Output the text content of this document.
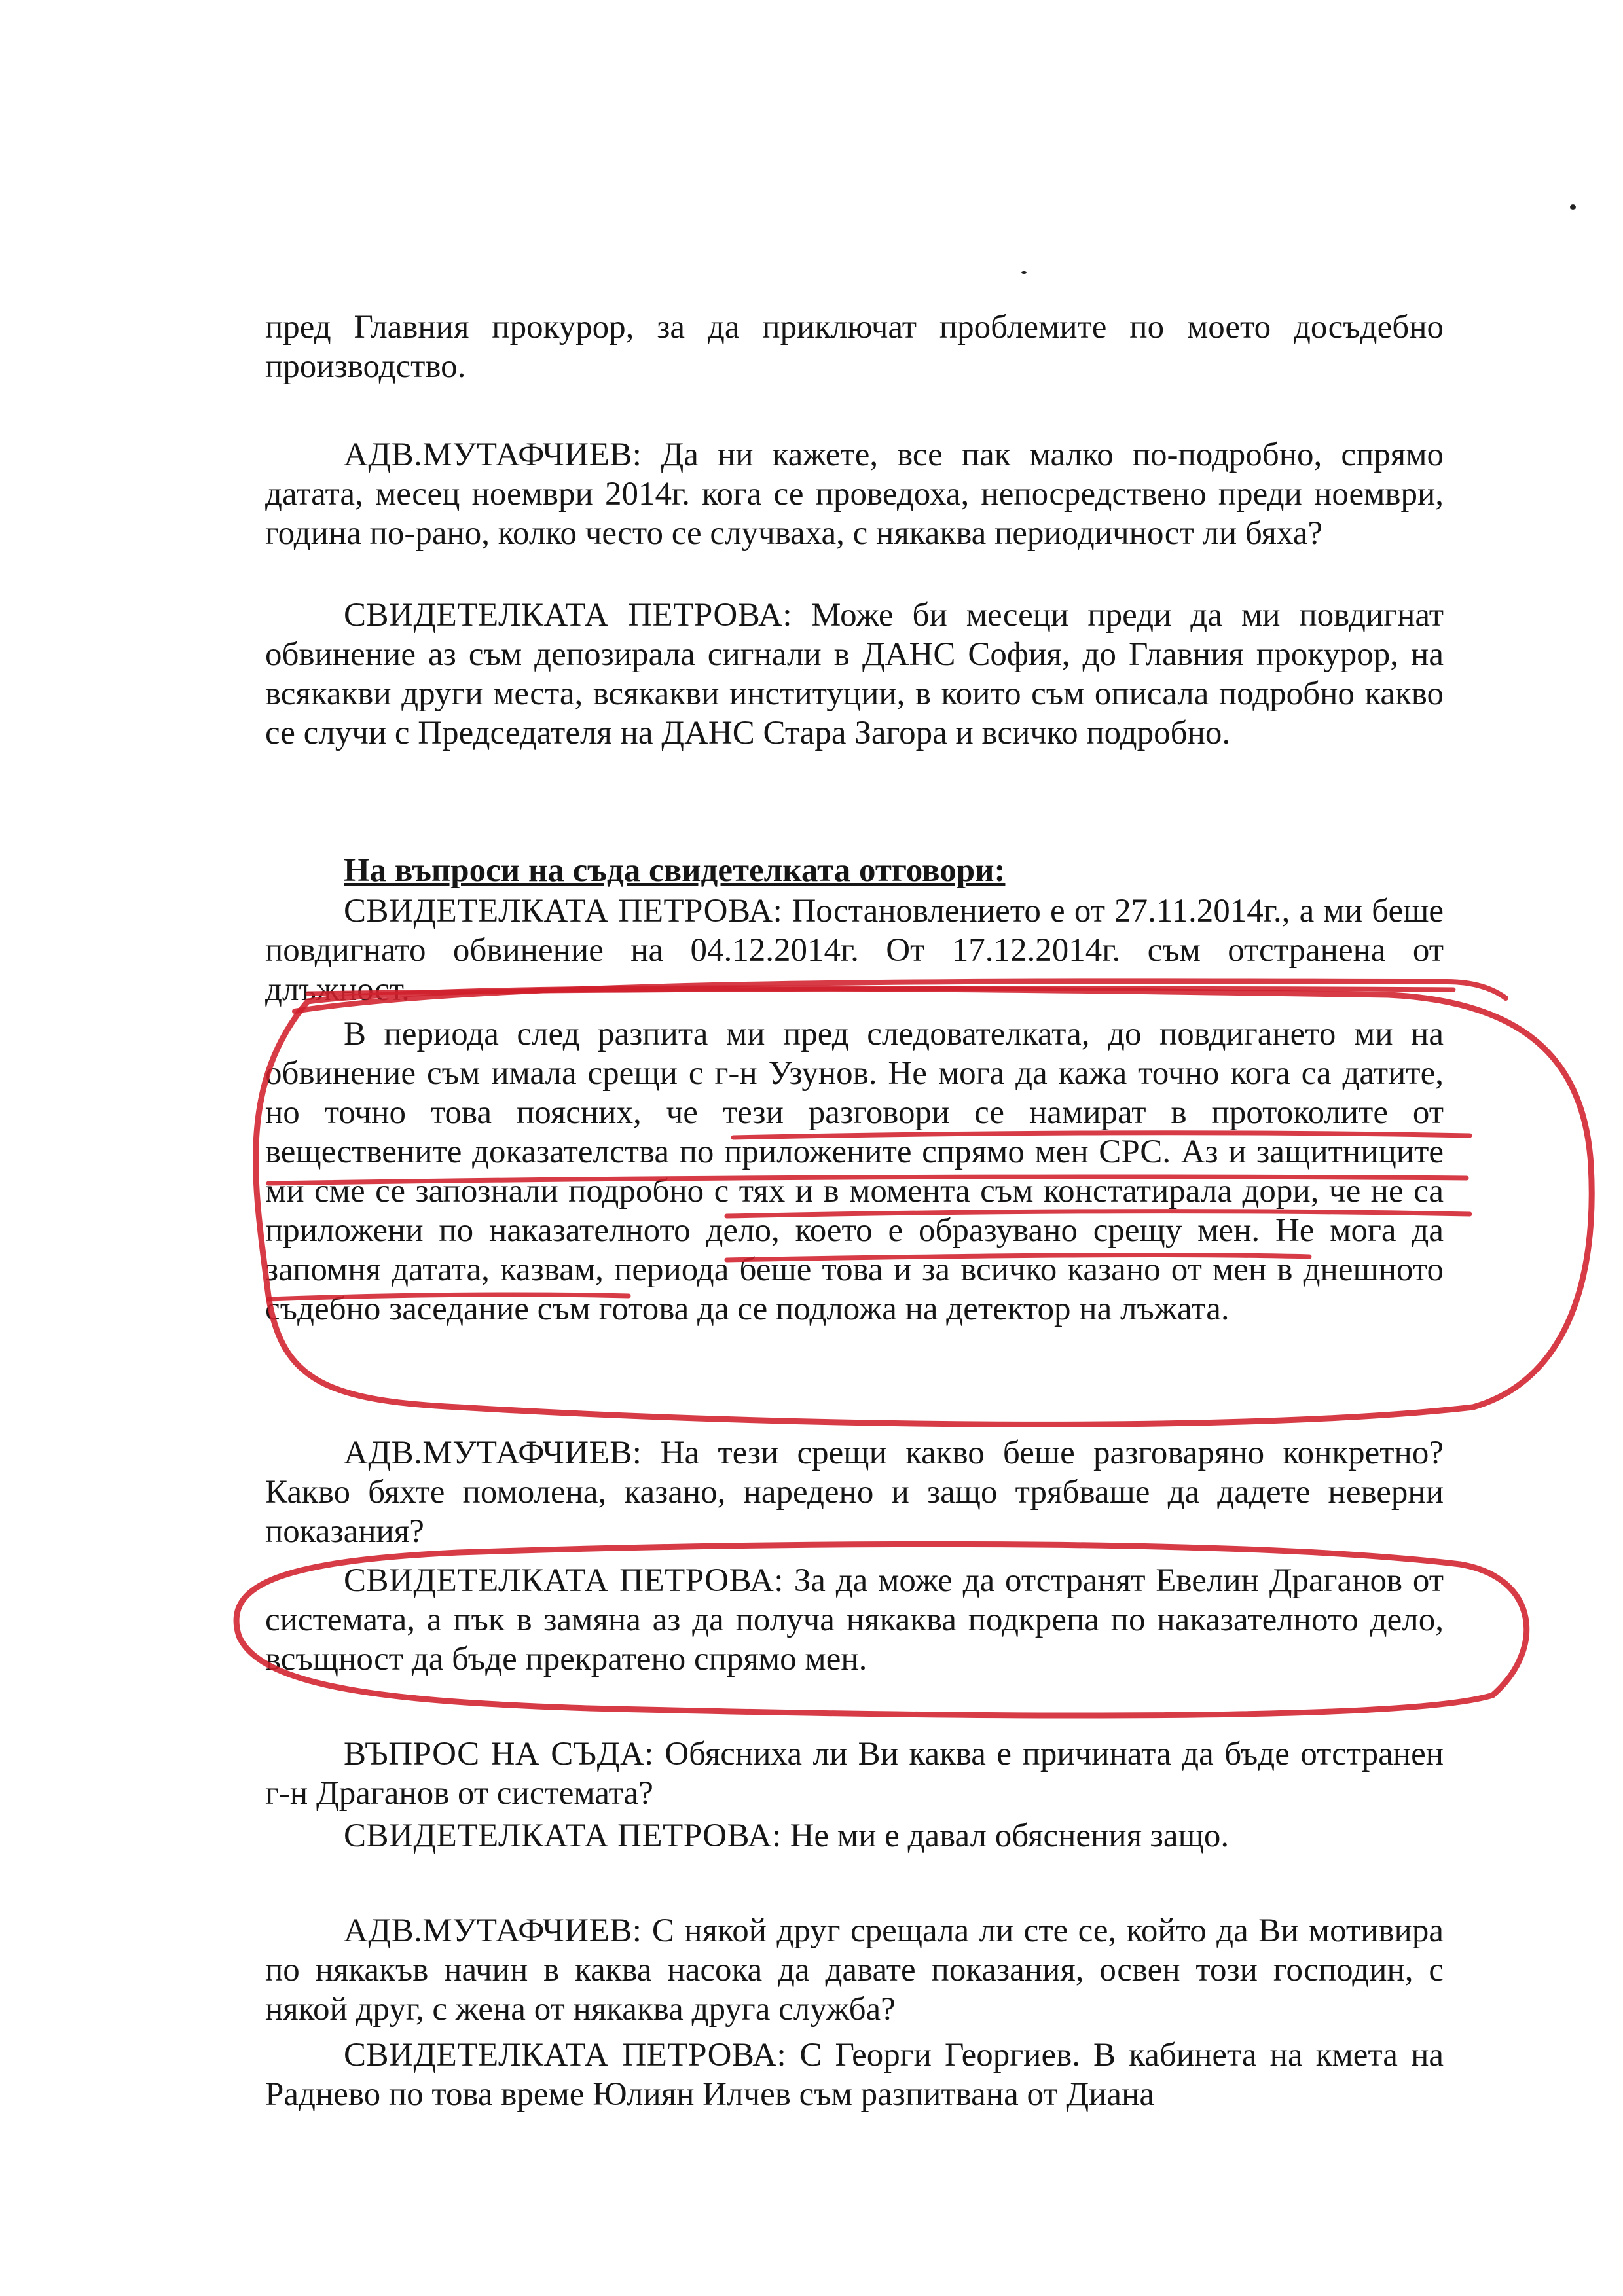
пред Главния прокурор, за да приключат проблемите по моето досъдебно производство.
АДВ.МУТАФЧИЕВ: Да ни кажете, все пак малко по-подробно, спрямо датата, месец ноември 2014г. кога се проведоха, непосредствено преди ноември, година по-рано, колко често се случваха, с някаква периодичност ли бяха?
СВИДЕТЕЛКАТА ПЕТРОВА: Може би месеци преди да ми повдигнат обвинение аз съм депозирала сигнали в ДАНС София, до Главния прокурор, на всякакви други места, всякакви институции, в които съм описала подробно какво се случи с Председателя на ДАНС Стара Загора и всичко подробно.
На въпроси на съда свидетелката отговори:
СВИДЕТЕЛКАТА ПЕТРОВА: Постановлението е от 27.11.2014г., а ми беше повдигнато обвинение на 04.12.2014г. От 17.12.2014г. съм отстранена от длъжност.
В периода след разпита ми пред следователката, до повдигането ми на обвинение съм имала срещи с г-н Узунов. Не мога да кажа точно кога са датите, но точно това поясних, че тези разговори се намират в протоколите от веществените доказателства по приложените спрямо мен СРС. Аз и защитниците ми сме се запознали подробно с тях и в момента съм констатирала дори, че не са приложени по наказателното дело, което е образувано срещу мен. Не мога да запомня датата, казвам, периода беше това и за всичко казано от мен в днешното съдебно заседание съм готова да се подложа на детектор на лъжата.
АДВ.МУТАФЧИЕВ: На тези срещи какво беше разговаряно конкретно? Какво бяхте помолена, казано, наредено и защо трябваше да дадете неверни показания?
СВИДЕТЕЛКАТА ПЕТРОВА: За да може да отстранят Евелин Драганов от системата, а пък в замяна аз да получа някаква подкрепа по наказателното дело, всъщност да бъде прекратено спрямо мен.
ВЪПРОС НА СЪДА: Обясниха ли Ви каква е причината да бъде отстранен г-н Драганов от системата?
СВИДЕТЕЛКАТА ПЕТРОВА: Не ми е давал обяснения защо.
АДВ.МУТАФЧИЕВ: С някой друг срещала ли сте се, който да Ви мотивира по някакъв начин в каква насока да давате показания, освен този господин, с някой друг, с жена от някаква друга служба?
СВИДЕТЕЛКАТА ПЕТРОВА: С Георги Георгиев. В кабинета на кмета на Раднево по това време Юлиян Илчев съм разпитвана от Диана
